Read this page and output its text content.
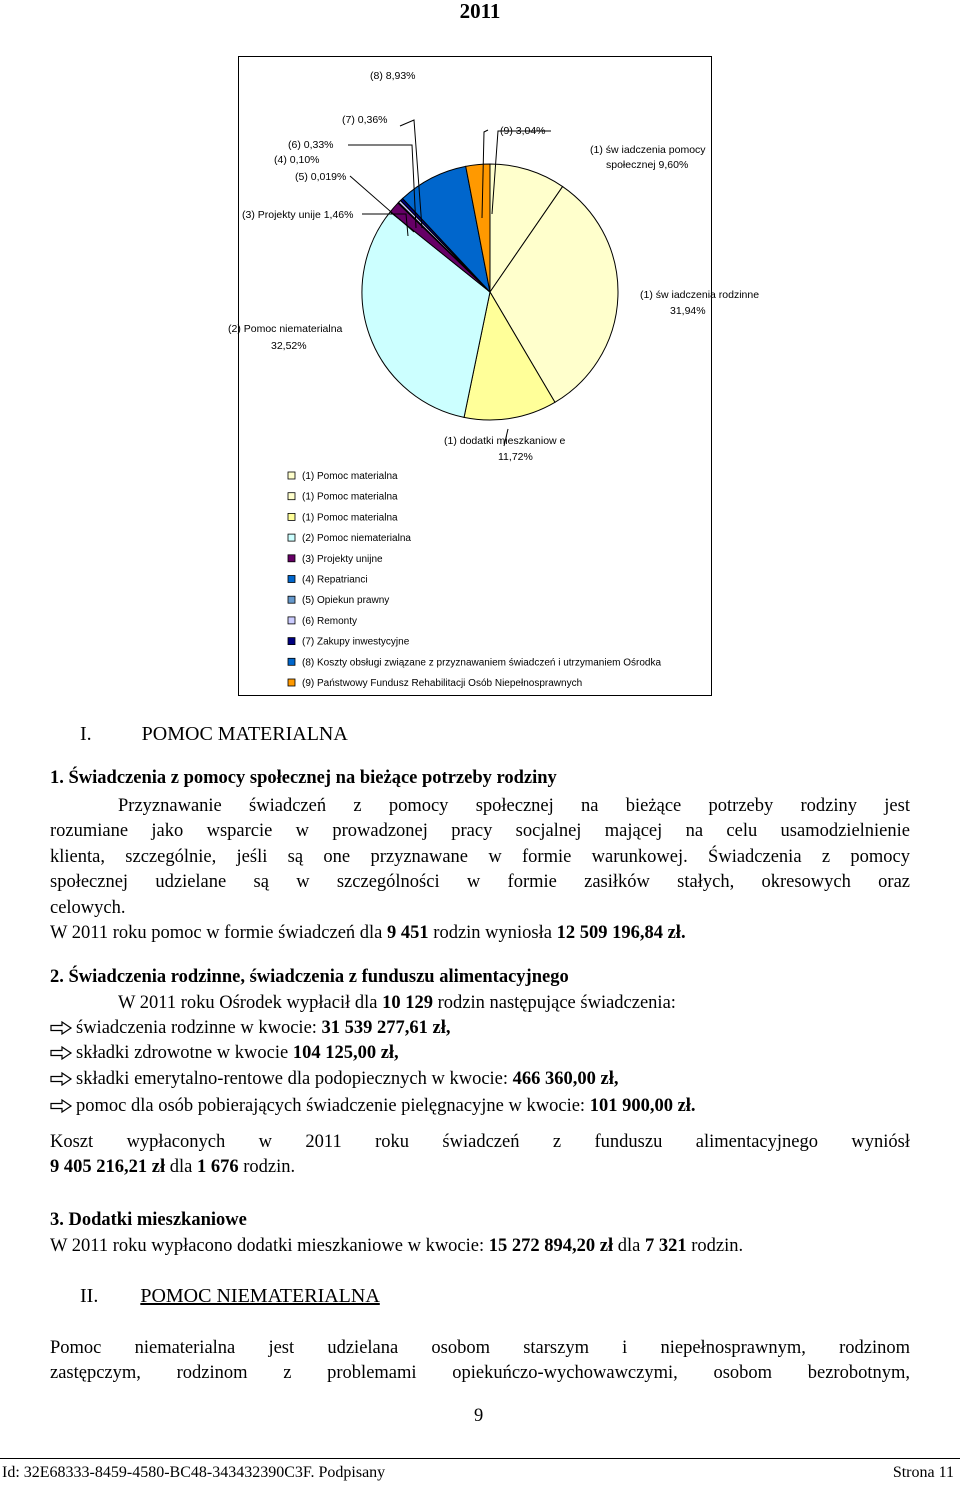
2011
(8) 8,93%
(7) 0,36%
(9) 3,04%
(6) 0,33%
(4) 0,10%
(5) 0,019%
(1) św iadczenia pomocy
społecznej 9,60%
(3) Projekty unije 1,46%
(1) św iadczenia rodzinne
31,94%
(2) Pomoc niematerialna
32,52%
(1) dodatki mieszkaniow e
11,72%
(1) Pomoc materialna
(1) Pomoc materialna
(1) Pomoc materialna
(2) Pomoc niematerialna
(3) Projekty unijne
(4) Repatrianci
(5) Opiekun prawny
(6) Remonty
(7) Zakupy inwestycyjne
(8) Koszty obsługi związane z przyznawaniem świadczeń i utrzymaniem Ośrodka
(9) Państwowy Fundusz Rehabilitacji Osób Niepełnosprawnych
I.	POMOC MATERIALNA
1. Świadczenia z pomocy społecznej na bieżące potrzeby rodziny
Przyznawanie świadczeń z pomocy społecznej na bieżące potrzeby rodziny jest
rozumiane jako wsparcie w prowadzonej pracy socjalnej mającej na celu usamodzielnienie
klienta, szczególnie, jeśli są one przyznawane w formie warunkowej. Świadczenia z pomocy
społecznej udzielane są w szczególności w formie zasiłków stałych, okresowych oraz
celowych.
W 2011 roku pomoc w formie świadczeń dla 9 451 rodzin wyniosła 12 509 196,84 zł.
2. Świadczenia rodzinne, świadczenia z funduszu alimentacyjnego
W 2011 roku Ośrodek wypłacił dla 10 129 rodzin następujące świadczenia:
świadczenia rodzinne w kwocie: 31 539 277,61 zł,
składki zdrowotne w kwocie 104 125,00 zł,
składki emerytalno-rentowe dla podopiecznych w kwocie: 466 360,00 zł,
pomoc dla osób pobierających świadczenie pielęgnacyjne w kwocie: 101 900,00 zł.
Koszt wypłaconych w 2011 roku świadczeń z funduszu alimentacyjnego wyniósł
9 405 216,21 zł dla 1 676 rodzin.
3. Dodatki mieszkaniowe
W 2011 roku wypłacono dodatki mieszkaniowe w kwocie: 15 272 894,20 zł dla 7 321 rodzin.
II. POMOC NIEMATERIALNA
Pomoc niematerialna jest udzielana osobom starszym i niepełnosprawnym, rodzinom
zastępczym, rodzinom z problemami opiekuńczo-wychowawczymi, osobom bezrobotnym,
9
Id: 32E68333-8459-4580-BC48-343432390C3F. Podpisany	Strona 11
